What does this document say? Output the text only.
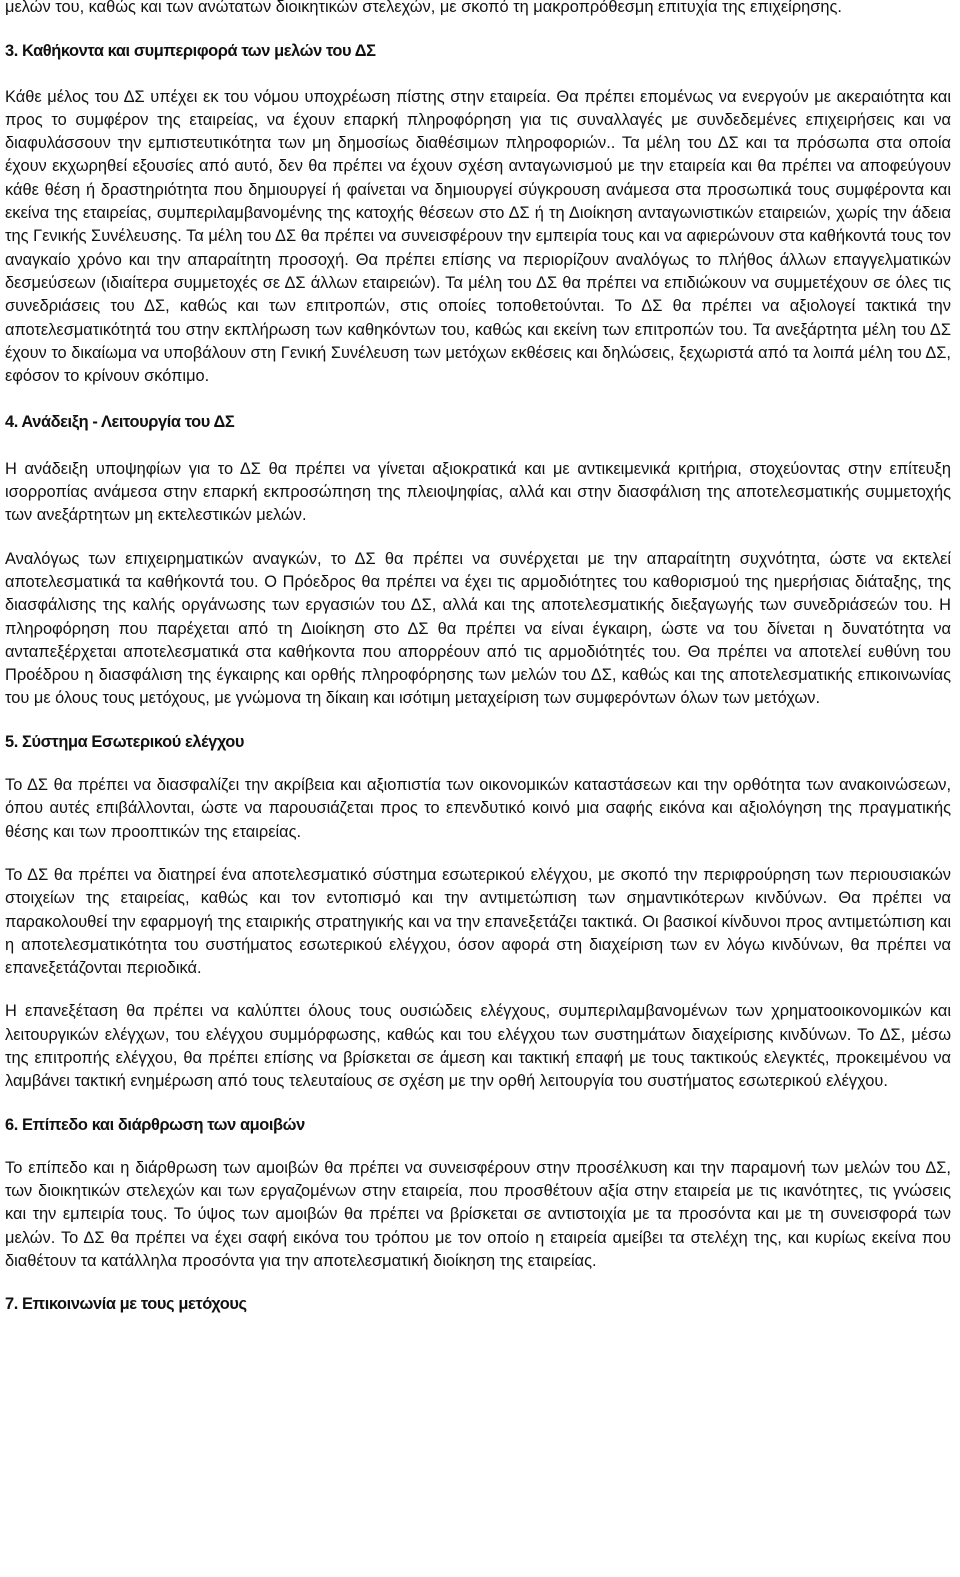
μελών του, καθώς και των ανώτατων διοικητικών στελεχών, με σκοπό τη μακροπρόθεσμη επιτυχία της επιχείρησης.

3. Καθήκοντα και συμπεριφορά των μελών του ΔΣ

Κάθε μέλος του ΔΣ υπέχει εκ του νόμου υποχρέωση πίστης στην εταιρεία. Θα πρέπει επομένως να ενεργούν με ακεραιότητα και προς το συμφέρον της εταιρείας, να έχουν επαρκή πληροφόρηση για τις συναλλαγές με συνδεδεμένες επιχειρήσεις και να διαφυλάσσουν την εμπιστευτικότητα των μη δημοσίως διαθέσιμων πληροφοριών.. Τα μέλη του ΔΣ και τα πρόσωπα στα οποία έχουν εκχωρηθεί εξουσίες από αυτό, δεν θα πρέπει να έχουν σχέση ανταγωνισμού με την εταιρεία και θα πρέπει να αποφεύγουν κάθε θέση ή δραστηριότητα που δημιουργεί ή φαίνεται να δημιουργεί σύγκρουση ανάμεσα στα προσωπικά τους συμφέροντα και εκείνα της εταιρείας, συμπεριλαμβανομένης της κατοχής θέσεων στο ΔΣ ή τη Διοίκηση ανταγωνιστικών εταιρειών, χωρίς την άδεια της Γενικής Συνέλευσης. Τα μέλη του ΔΣ θα πρέπει να συνεισφέρουν την εμπειρία τους και να αφιερώνουν στα καθήκοντά τους τον αναγκαίο χρόνο και την απαραίτητη προσοχή. Θα πρέπει επίσης να περιορίζουν αναλόγως το πλήθος άλλων επαγγελματικών δεσμεύσεων (ιδιαίτερα συμμετοχές σε ΔΣ άλλων εταιρειών). Τα μέλη του ΔΣ θα πρέπει να επιδιώκουν να συμμετέχουν σε όλες τις συνεδριάσεις του ΔΣ, καθώς και των επιτροπών, στις οποίες τοποθετούνται. Το ΔΣ θα πρέπει να αξιολογεί τακτικά την αποτελεσματικότητά του στην εκπλήρωση των καθηκόντων του, καθώς και εκείνη των επιτροπών του. Τα ανεξάρτητα μέλη του ΔΣ έχουν το δικαίωμα να υποβάλουν στη Γενική Συνέλευση των μετόχων εκθέσεις και δηλώσεις, ξεχωριστά από τα λοιπά μέλη του ΔΣ, εφόσον το κρίνουν σκόπιμο.

4. Ανάδειξη - Λειτουργία του ΔΣ

Η ανάδειξη υποψηφίων για το ΔΣ θα πρέπει να γίνεται αξιοκρατικά και με αντικειμενικά κριτήρια, στοχεύοντας στην επίτευξη ισορροπίας ανάμεσα στην επαρκή εκπροσώπηση της πλειοψηφίας, αλλά και στην διασφάλιση της αποτελεσματικής συμμετοχής των ανεξάρτητων μη εκτελεστικών μελών.

Αναλόγως των επιχειρηματικών αναγκών, το ΔΣ θα πρέπει να συνέρχεται με την απαραίτητη συχνότητα, ώστε να εκτελεί αποτελεσματικά τα καθήκοντά του. Ο Πρόεδρος θα πρέπει να έχει τις αρμοδιότητες του καθορισμού της ημερήσιας διάταξης, της διασφάλισης της καλής οργάνωσης των εργασιών του ΔΣ, αλλά και της αποτελεσματικής διεξαγωγής των συνεδριάσεών του. Η πληροφόρηση που παρέχεται από τη Διοίκηση στο ΔΣ θα πρέπει να είναι έγκαιρη, ώστε να του δίνεται η δυνατότητα να ανταπεξέρχεται αποτελεσματικά στα καθήκοντα που απορρέουν από τις αρμοδιότητές του. Θα πρέπει να αποτελεί ευθύνη του Προέδρου η διασφάλιση της έγκαιρης και ορθής πληροφόρησης των μελών του ΔΣ, καθώς και της αποτελεσματικής επικοινωνίας του με όλους τους μετόχους, με γνώμονα τη δίκαιη και ισότιμη μεταχείριση των συμφερόντων όλων των μετόχων.

5. Σύστημα Εσωτερικού ελέγχου

Το ΔΣ θα πρέπει να διασφαλίζει την ακρίβεια και αξιοπιστία των οικονομικών καταστάσεων και την ορθότητα των ανακοινώσεων, όπου αυτές επιβάλλονται, ώστε να παρουσιάζεται προς το επενδυτικό κοινό μια σαφής εικόνα και αξιολόγηση της πραγματικής θέσης και των προοπτικών της εταιρείας.

Το ΔΣ θα πρέπει να διατηρεί ένα αποτελεσματικό σύστημα εσωτερικού ελέγχου, με σκοπό την περιφρούρηση των περιουσιακών στοιχείων της εταιρείας, καθώς και τον εντοπισμό και την αντιμετώπιση των σημαντικότερων κινδύνων. Θα πρέπει να παρακολουθεί την εφαρμογή της εταιρικής στρατηγικής και να την επανεξετάζει τακτικά. Οι βασικοί κίνδυνοι προς αντιμετώπιση και η αποτελεσματικότητα του συστήματος εσωτερικού ελέγχου, όσον αφορά στη διαχείριση των εν λόγω κινδύνων, θα πρέπει να επανεξετάζονται περιοδικά.

Η επανεξέταση θα πρέπει να καλύπτει όλους τους ουσιώδεις ελέγχους, συμπεριλαμβανομένων των χρηματοοικονομικών και λειτουργικών ελέγχων, του ελέγχου συμμόρφωσης, καθώς και του ελέγχου των συστημάτων διαχείρισης κινδύνων. Το ΔΣ, μέσω της επιτροπής ελέγχου, θα πρέπει επίσης να βρίσκεται σε άμεση και τακτική επαφή με τους τακτικούς ελεγκτές, προκειμένου να λαμβάνει τακτική ενημέρωση από τους τελευταίους σε σχέση με την ορθή λειτουργία του συστήματος εσωτερικού ελέγχου.

6. Επίπεδο και διάρθρωση των αμοιβών

Το επίπεδο και η διάρθρωση των αμοιβών θα πρέπει να συνεισφέρουν στην προσέλκυση και την παραμονή των μελών του ΔΣ, των διοικητικών στελεχών και των εργαζομένων στην εταιρεία, που προσθέτουν αξία στην εταιρεία με τις ικανότητες, τις γνώσεις και την εμπειρία τους. Το ύψος των αμοιβών θα πρέπει να βρίσκεται σε αντιστοιχία με τα προσόντα και με τη συνεισφορά των μελών. Το ΔΣ θα πρέπει να έχει σαφή εικόνα του τρόπου με τον οποίο η εταιρεία αμείβει τα στελέχη της, και κυρίως εκείνα που διαθέτουν τα κατάλληλα προσόντα για την αποτελεσματική διοίκηση της εταιρείας.

7. Επικοινωνία με τους μετόχους
